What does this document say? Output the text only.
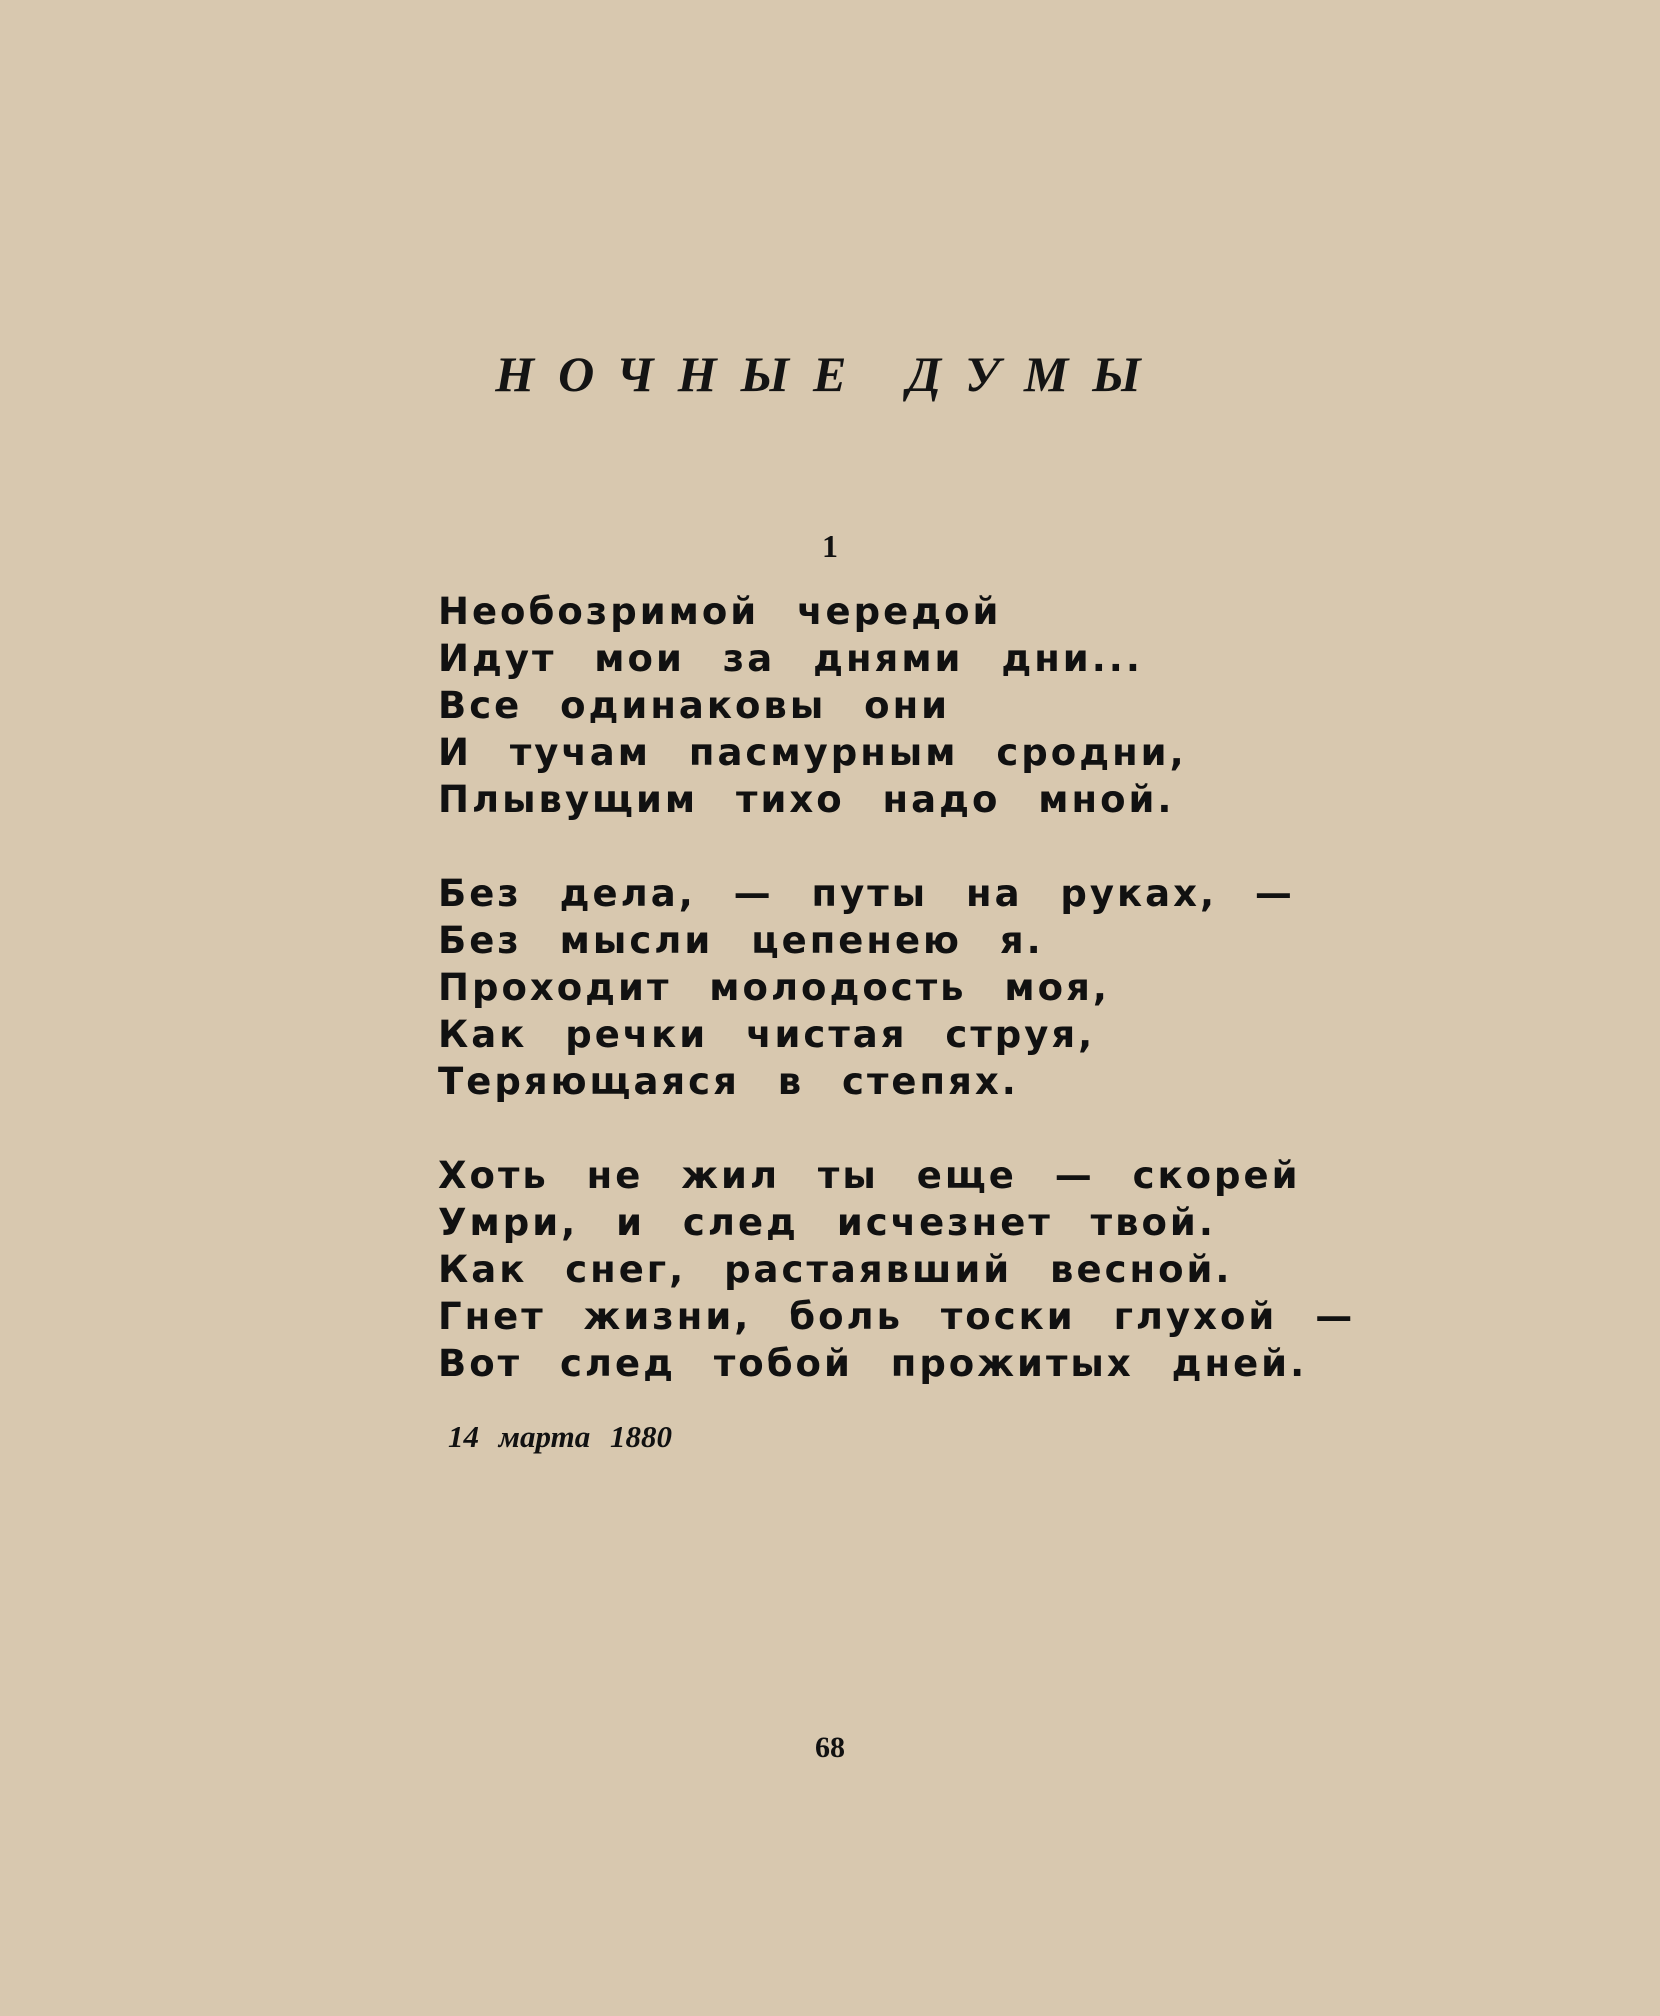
НОЧНЫЕ ДУМЫ
1
Необозримой чередой
Идут мои за днями дни...
Все одинаковы они
И тучам пасмурным сродни,
Плывущим тихо надо мной.
Без дела, — путы на руках, —
Без мысли цепенею я.
Проходит молодость моя,
Как речки чистая струя,
Теряющаяся в степях.
Хоть не жил ты еще — скорей
Умри, и след исчезнет твой.
Как снег, растаявший весной.
Гнет жизни, боль тоски глухой —
Вот след тобой прожитых дней.
14 марта 1880
68
